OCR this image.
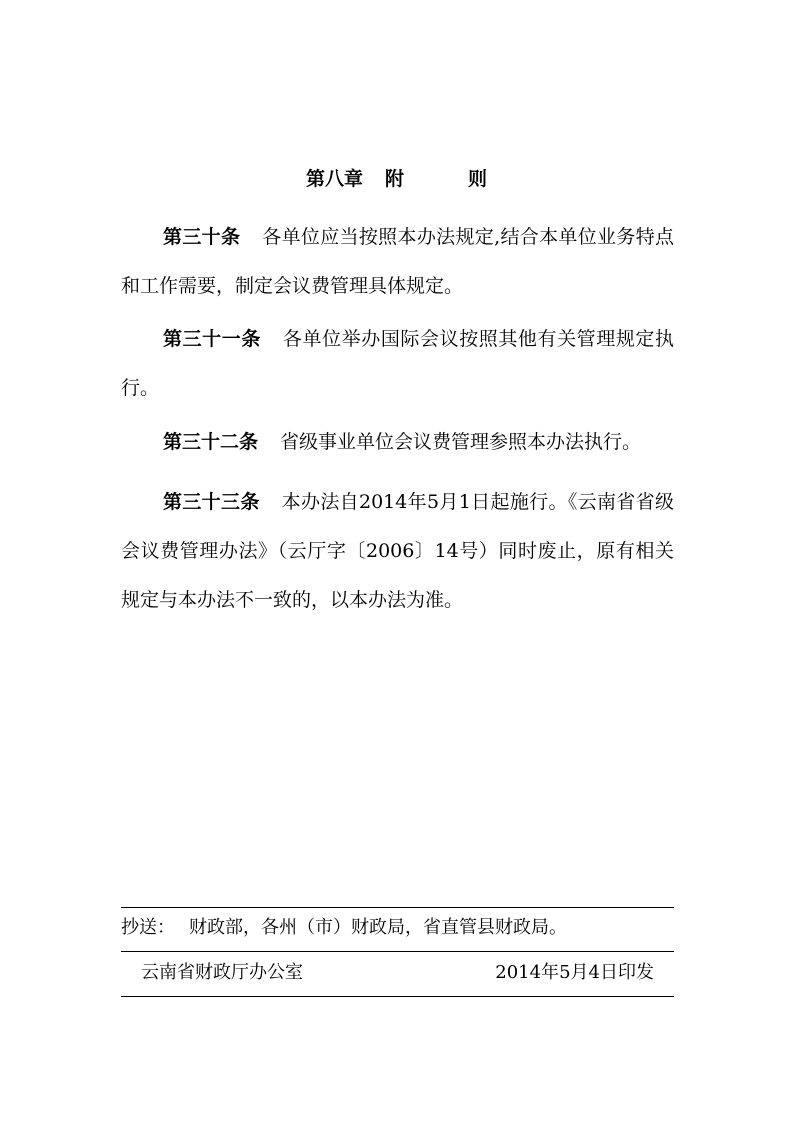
第八章 附	则

第三十条 各单位应当按照本办法规定,结合本单位业务特点和工作需要，制定会议费管理具体规定。

第三十一条 各单位举办国际会议按照其他有关管理规定执行。

第三十二条 省级事业单位会议费管理参照本办法执行。

第三十三条 本办法自2014年5月1日起施行。《云南省省级会议费管理办法》（云厅字〔2006〕14号）同时废止，原有相关规定与本办法不一致的，以本办法为准。

抄送： 财政部，各州（市）财政局，省直管县财政局。
云南省财政厅办公室	2014年5月4日印发
